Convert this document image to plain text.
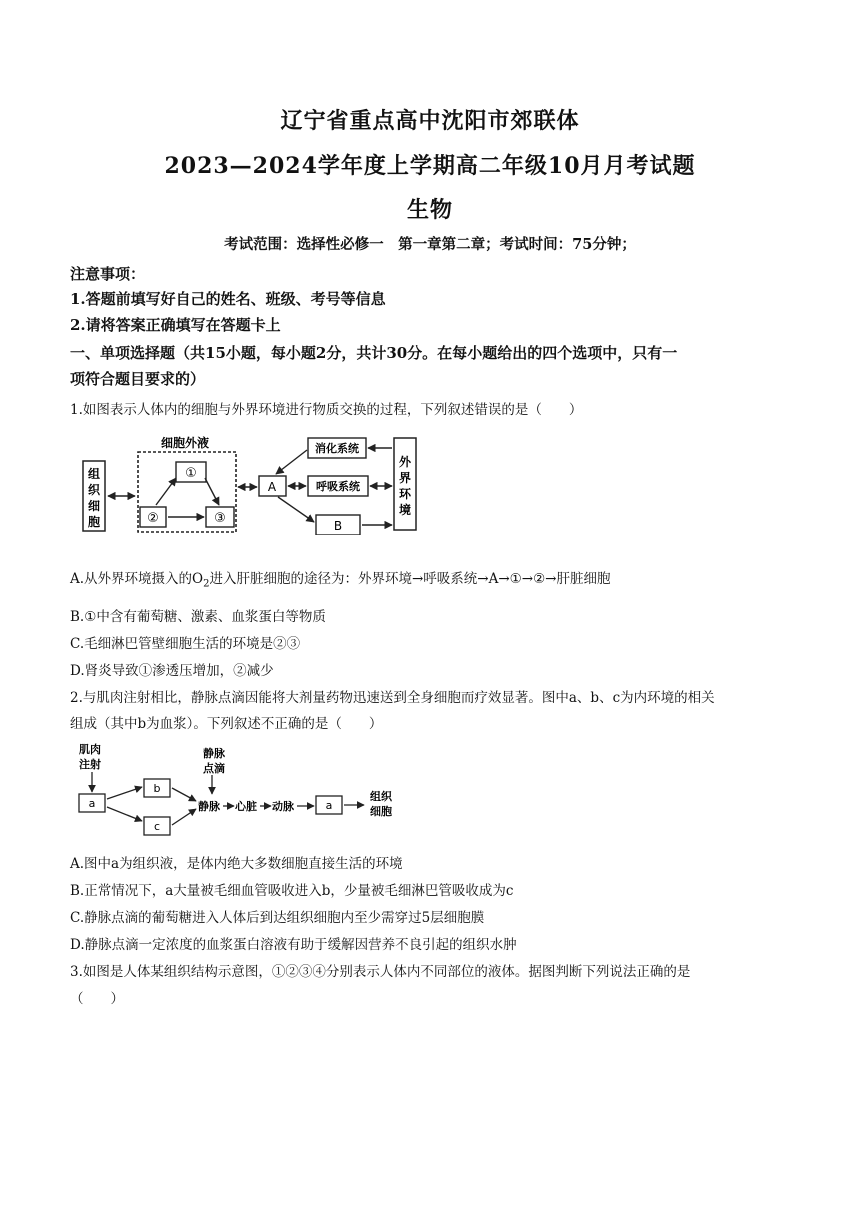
辽宁省重点高中沈阳市郊联体
2023—2024学年度上学期高二年级10月月考试题
生物
考试范围：选择性必修一　第一章第二章；考试时间：75分钟；
注意事项：
1.答题前填写好自己的姓名、班级、考号等信息
2.请将答案正确填写在答题卡上
一、单项选择题（共15小题，每小题2分，共计30分。在每小题给出的四个选项中，只有一
项符合题目要求的）
1.如图表示人体内的细胞与外界环境进行物质交换的过程，下列叙述错误的是（　　）
组
织
细
胞
细胞外液
①
②	③
A
消化系统
呼吸系统
B
外
界
环
境
A.从外界环境摄入的$O_2$进入肝脏细胞的途径为：外界环境→呼吸系统→A→①→②→肝脏细胞
B.①中含有葡萄糖、激素、血浆蛋白等物质
C.毛细淋巴管壁细胞生活的环境是②③
D.肾炎导致①渗透压增加，②减少
2.与肌肉注射相比，静脉点滴因能将大剂量药物迅速送到全身细胞而疗效显著。图中a、b、c为内环境的相关
组成（其中b为血浆）。下列叙述不正确的是（　　）
肌肉
注射
a
b
c
静脉
点滴
静脉 心脏 动脉	a
组织
细胞
A.图中a为组织液，是体内绝大多数细胞直接生活的环境
B.正常情况下，a大量被毛细血管吸收进入b，少量被毛细淋巴管吸收成为c
C.静脉点滴的葡萄糖进入人体后到达组织细胞内至少需穿过5层细胞膜
D.静脉点滴一定浓度的血浆蛋白溶液有助于缓解因营养不良引起的组织水肿
3.如图是人体某组织结构示意图，①②③④分别表示人体内不同部位的液体。据图判断下列说法正确的是
（　　）
